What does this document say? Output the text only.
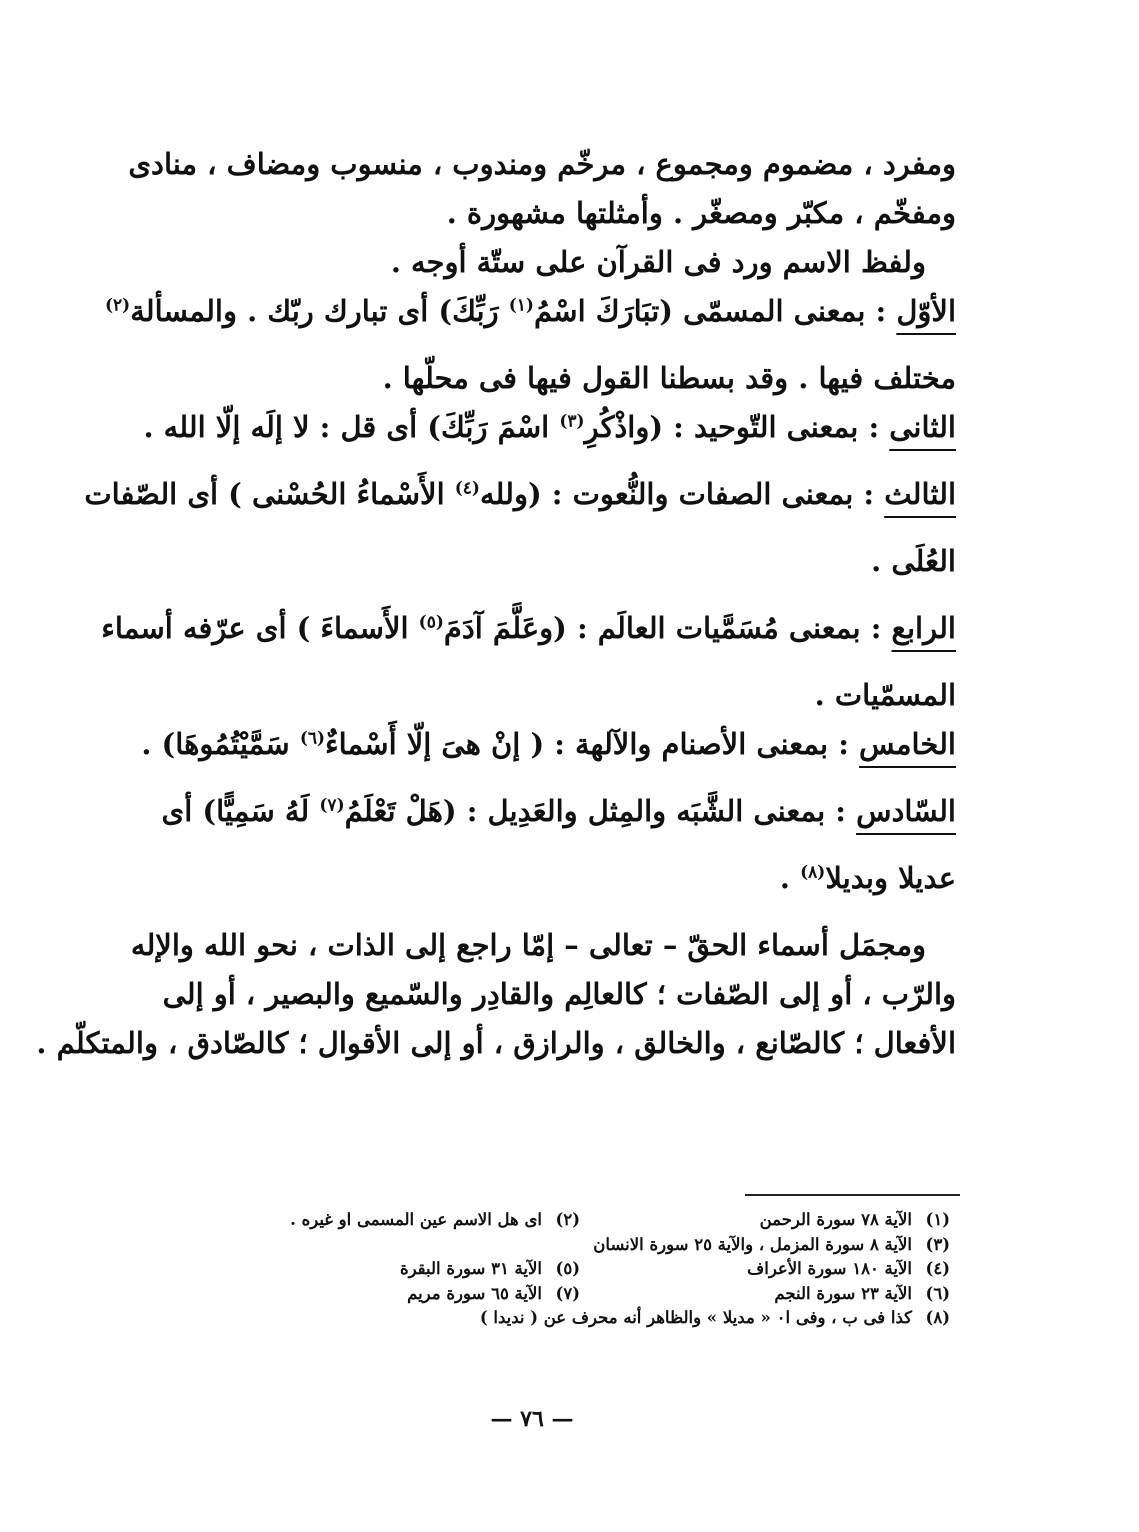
ومفرد ، مضموم ومجموع ، مرخّم ومندوب ، منسوب ومضاف ، منادى
ومفخّم ، مكبّر ومصغّر . وأمثلتها مشهورة .
ولفظ الاسم ورد فى القرآن على ستّة أوجه .
الأوّل : بمعنى المسمّى (تبَارَكَ اسْمُ$^{(١)}$ رَبِّكَ) أى تبارك ربّك . والمسألة$^{(٢)}$
مختلف فيها . وقد بسطنا القول فيها فى محلّها .
الثانى : بمعنى التّوحيد : (واذْكُرِ$^{(٣)}$ اسْمَ رَبِّكَ) أى قل : لا إلَه إلّا الله .
الثالث : بمعنى الصفات والنُّعوت : (ولله$^{(٤)}$ الأَسْماءُ الحُسْنى ) أى الصّفات
العُلَى .
الرابع : بمعنى مُسَمَّيات العالَم : (وعَلَّمَ آدَمَ$^{(٥)}$ الأَسماءَ ) أى عرّفه أسماء
المسمّيات .
الخامس : بمعنى الأصنام والآلهة : ( إنْ هىَ إلّا أَسْماءٌ$^{(٦)}$ سَمَّيْتُمُوهَا) .
السّادس : بمعنى الشَّبَه والمِثل والعَدِيل : (هَلْ تَعْلَمُ$^{(٧)}$ لَهُ سَمِيًّا) أى
عديلا وبديلا$^{(٨)}$ .
ومجمَل أسماء الحقّ – تعالى – إمّا راجع إلى الذات ، نحو الله والإله
والرّب ، أو إلى الصّفات ؛ كالعالِم والقادِر والسّميع والبصير ، أو إلى
الأفعال ؛ كالصّانع ، والخالق ، والرازق ، أو إلى الأقوال ؛ كالصّادق ، والمتكلّم .
(١)
الآية ٧٨ سورة الرحمن
(٢)
اى هل الاسم عين المسمى او غيره .
(٣)
الآية ٨ سورة المزمل ، والآية ٢٥ سورة الانسان
(٤)
الآية ١٨٠ سورة الأعراف
(٥)
الآية ٣١ سورة البقرة
(٦)
الآية ٢٣ سورة النجم
(٧)
الآية ٦٥ سورة مريم
(٨)
كذا فى ب ، وفى ا٠ « مديلا » والظاهر أنه محرف عن ( نديدا )
— ٧٦ —
